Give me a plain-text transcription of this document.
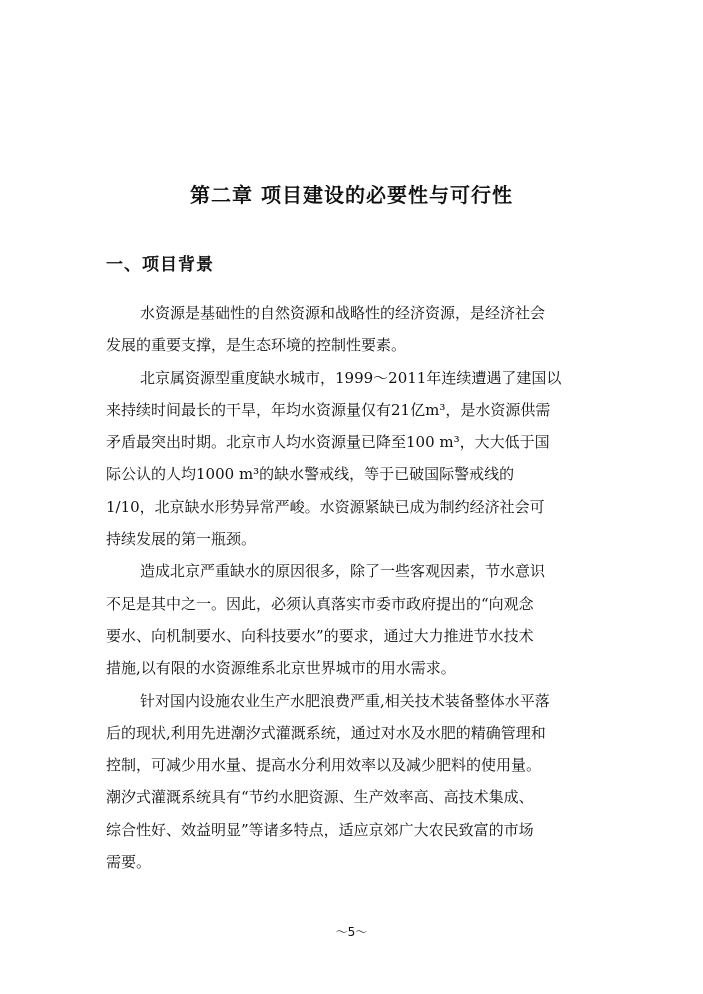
第二章 项目建设的必要性与可行性
一、项目背景

水资源是基础性的自然资源和战略性的经济资源，是经济社会
发展的重要支撑，是生态环境的控制性要素。

北京属资源型重度缺水城市，1999～2011年连续遭遇了建国以
来持续时间最长的干旱，年均水资源量仅有21亿m³，是水资源供需
矛盾最突出时期。北京市人均水资源量已降至100 m³，大大低于国
际公认的人均1000 m³的缺水警戒线，等于已破国际警戒线的
1/10，北京缺水形势异常严峻。水资源紧缺已成为制约经济社会可
持续发展的第一瓶颈。

造成北京严重缺水的原因很多，除了一些客观因素，节水意识
不足是其中之一。因此，必须认真落实市委市政府提出的“向观念
要水、向机制要水、向科技要水”的要求，通过大力推进节水技术
措施,以有限的水资源维系北京世界城市的用水需求。

针对国内设施农业生产水肥浪费严重,相关技术装备整体水平落
后的现状,利用先进潮汐式灌溉系统，通过对水及水肥的精确管理和
控制，可减少用水量、提高水分利用效率以及减少肥料的使用量。
潮汐式灌溉系统具有“节约水肥资源、生产效率高、高技术集成、
综合性好、效益明显”等诸多特点，适应京郊广大农民致富的市场
需要。

～5～
